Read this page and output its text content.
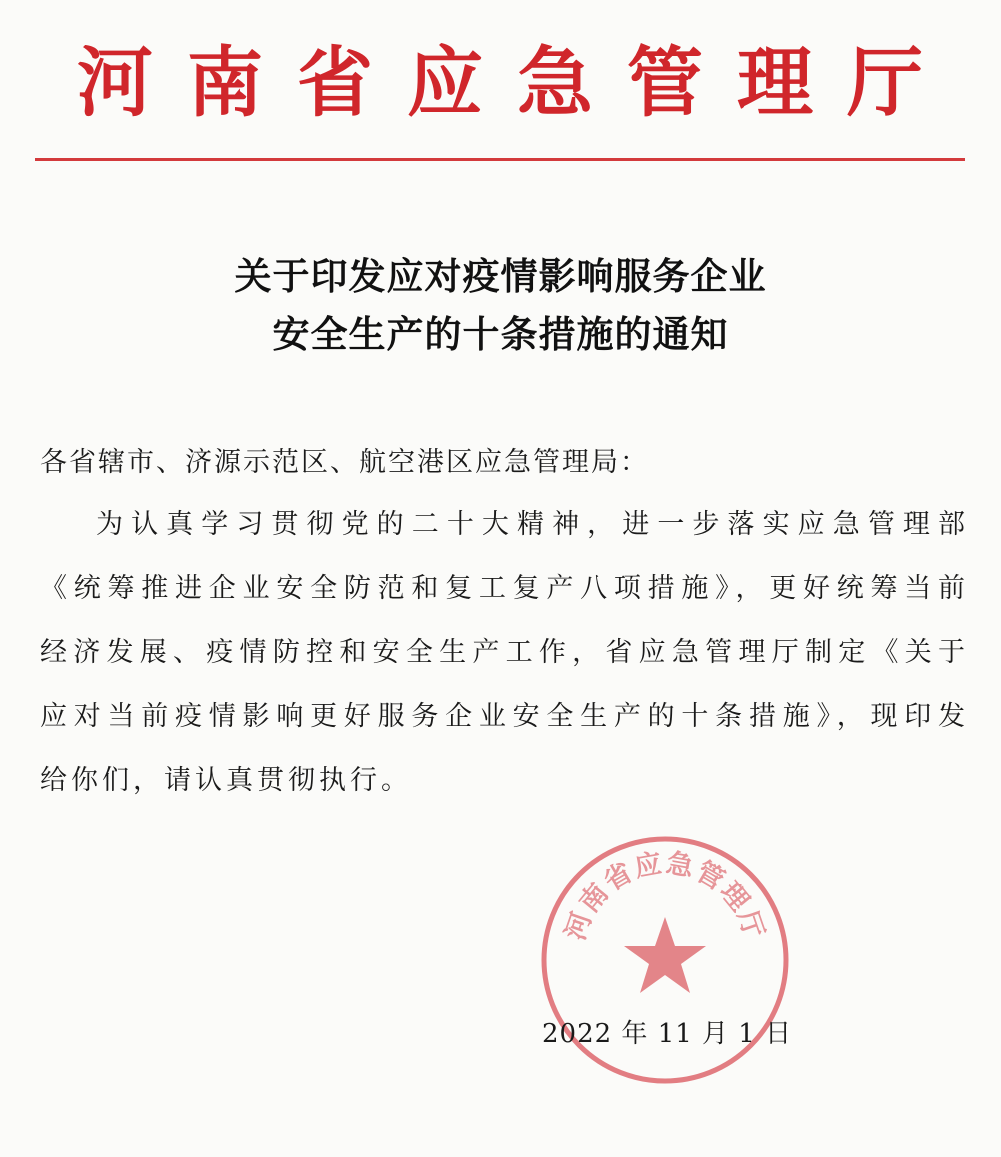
河南省应急管理厅
关于印发应对疫情影响服务企业
安全生产的十条措施的通知
各省辖市、济源示范区、航空港区应急管理局：
为认真学习贯彻党的二十大精神，进一步落实应急管理部
《统筹推进企业安全防范和复工复产八项措施》，更好统筹当前
经济发展、疫情防控和安全生产工作，省应急管理厅制定《关于
应对当前疫情影响更好服务企业安全生产的十条措施》，现印发
给你们，请认真贯彻执行。
河南省应急管理厅
2022 年 11 月 1 日
